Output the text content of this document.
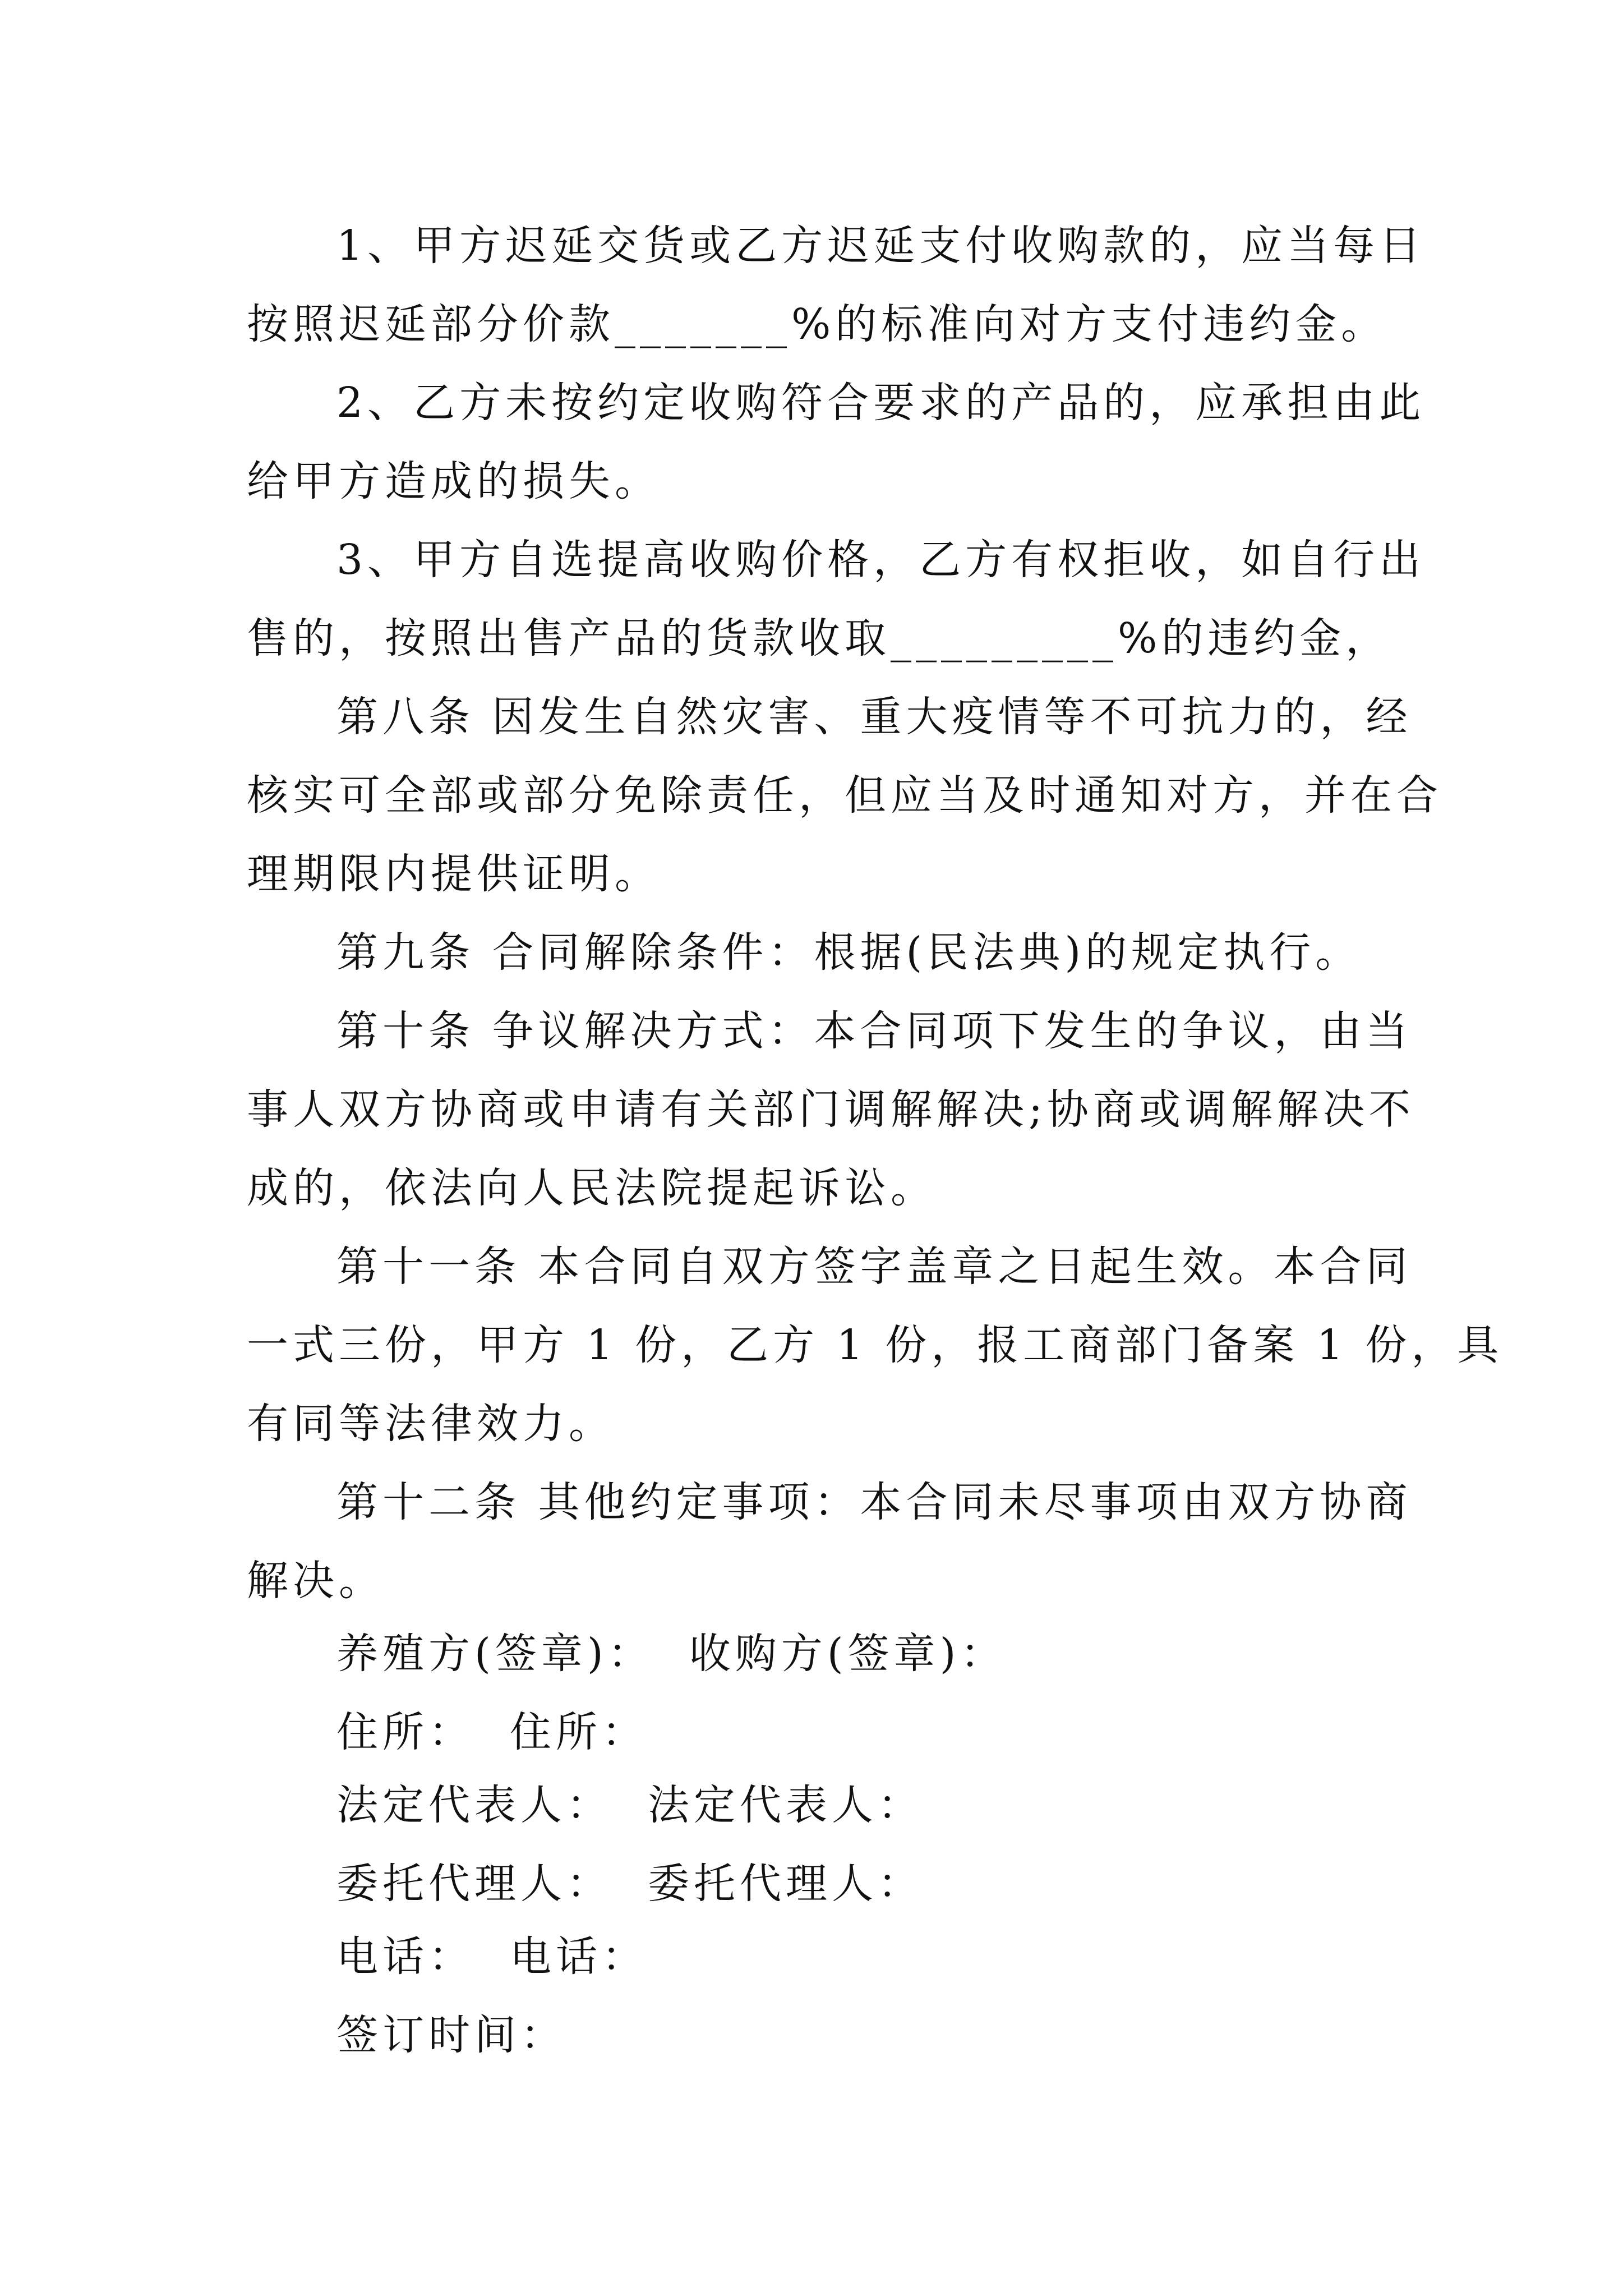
1、甲方迟延交货或乙方迟延支付收购款的，应当每日

按照迟延部分价款_______%的标准向对方支付违约金。

2、乙方未按约定收购符合要求的产品的，应承担由此

给甲方造成的损失。

3、甲方自选提高收购价格，乙方有权拒收，如自行出

售的，按照出售产品的货款收取_________%的违约金，

第八条 因发生自然灾害、重大疫情等不可抗力的，经

核实可全部或部分免除责任，但应当及时通知对方，并在合

理期限内提供证明。

第九条 合同解除条件：根据(民法典)的规定执行。

第十条 争议解决方式：本合同项下发生的争议，由当

事人双方协商或申请有关部门调解解决;协商或调解解决不

成的，依法向人民法院提起诉讼。

第十一条 本合同自双方签字盖章之日起生效。本合同

一式三份，甲方 1 份，乙方 1 份，报工商部门备案 1 份，具

有同等法律效力。

第十二条 其他约定事项：本合同未尽事项由双方协商

解决。

养殖方(签章)：  收购方(签章)：

住所：  住所：

法定代表人：  法定代表人：

委托代理人：  委托代理人：

电话：  电话：

签订时间：
